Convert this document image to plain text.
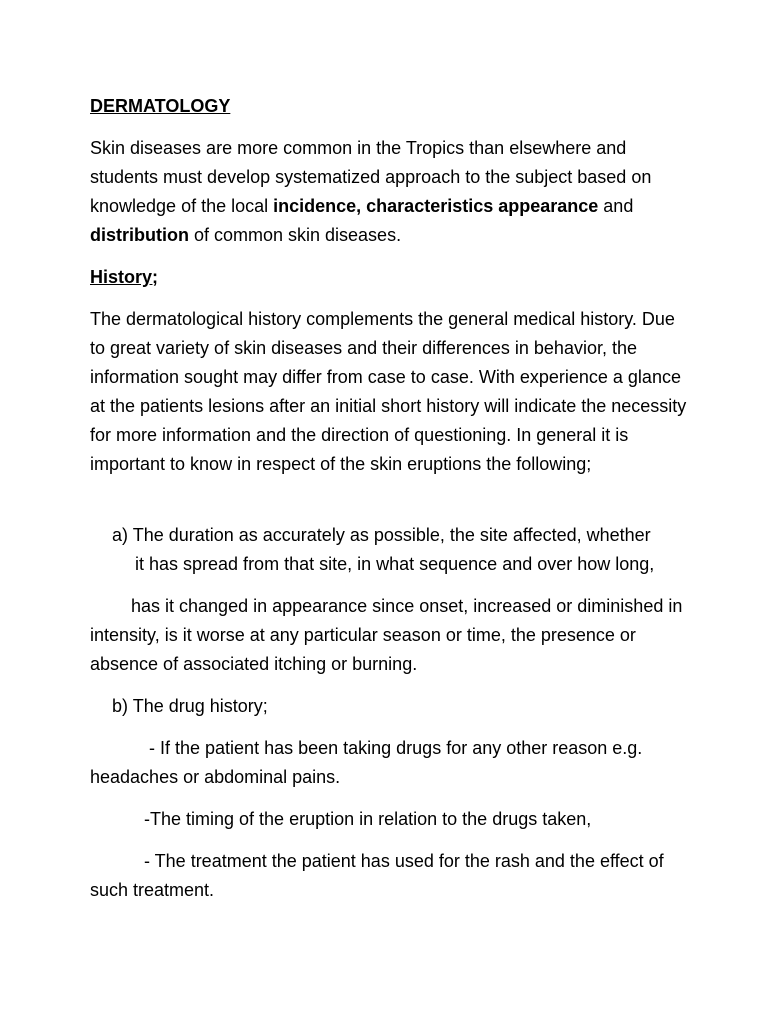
DERMATOLOGY

Skin diseases are more common in the Tropics than elsewhere and students must develop systematized approach to the subject based on knowledge of the local incidence, characteristics appearance and distribution of common skin diseases.

History;

The dermatological history complements the general medical history. Due to great variety of skin diseases and their differences in behavior, the information sought may differ from case to case. With experience a glance at the patients lesions after an initial short history will indicate the necessity for more information and the direction of questioning. In general it is important to know in respect of the skin eruptions the following;

a) The duration as accurately as possible, the site affected, whether
it has spread from that site, in what sequence and over how long,

has it changed in appearance since onset, increased or diminished in intensity, is it worse at any particular season or time, the presence or absence of associated itching or burning.

b) The drug history;

- If the patient has been taking drugs for any other reason e.g. headaches or abdominal pains.

-The timing of the eruption in relation to the drugs taken,

- The treatment the patient has used for the rash and the effect of such treatment.
